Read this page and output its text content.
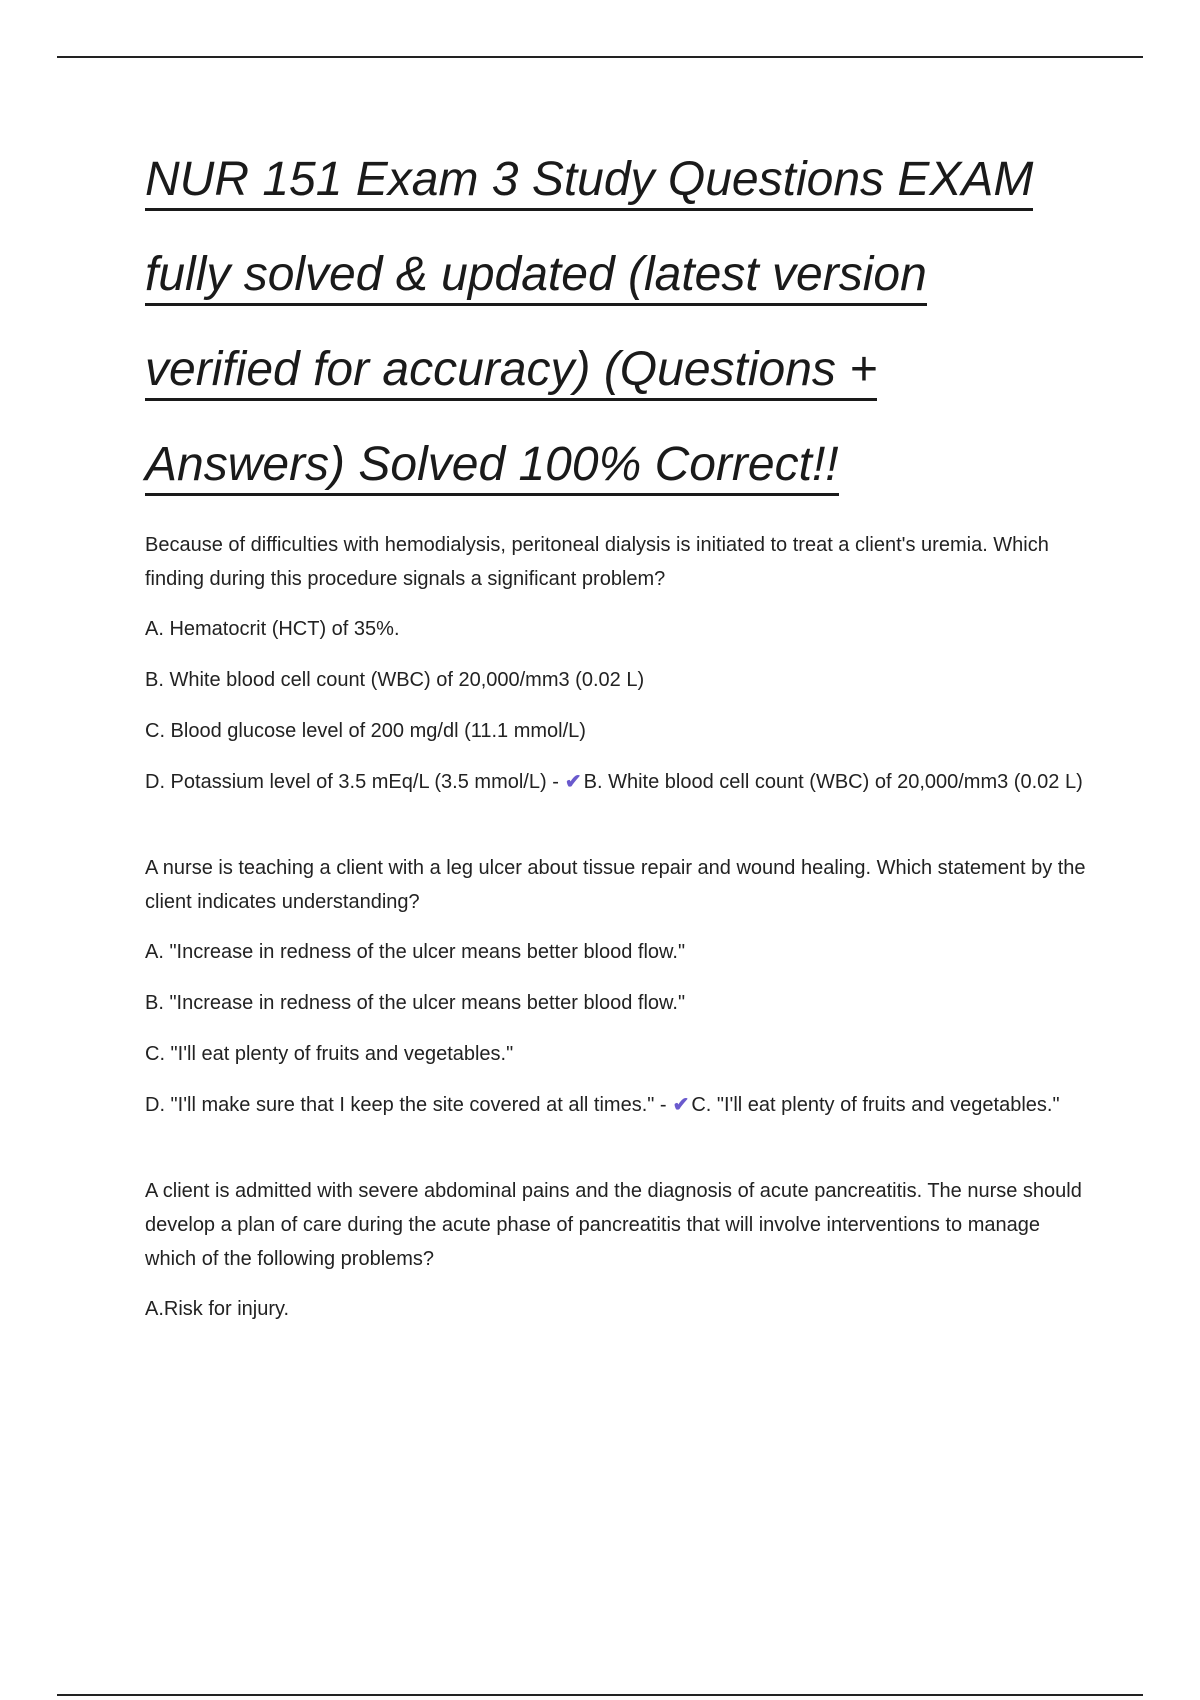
NUR 151 Exam 3 Study Questions EXAM
fully solved & updated (latest version
verified for accuracy) (Questions +
Answers) Solved 100% Correct!!

Because of difficulties with hemodialysis, peritoneal dialysis is initiated to treat a client's uremia. Which finding during this procedure signals a significant problem?

A. Hematocrit (HCT) of 35%.

B. White blood cell count (WBC) of 20,000/mm3 (0.02 L)

C. Blood glucose level of 200 mg/dl (11.1 mmol/L)

D. Potassium level of 3.5 mEq/L (3.5 mmol/L) - ✔ B. White blood cell count (WBC) of 20,000/mm3 (0.02 L)

A nurse is teaching a client with a leg ulcer about tissue repair and wound healing. Which statement by the client indicates understanding?

A. "Increase in redness of the ulcer means better blood flow."

B. "Increase in redness of the ulcer means better blood flow."

C. "I'll eat plenty of fruits and vegetables."

D. "I'll make sure that I keep the site covered at all times." - ✔ C. "I'll eat plenty of fruits and vegetables."

A client is admitted with severe abdominal pains and the diagnosis of acute pancreatitis. The nurse should develop a plan of care during the acute phase of pancreatitis that will involve interventions to manage which of the following problems?

A.Risk for injury.
